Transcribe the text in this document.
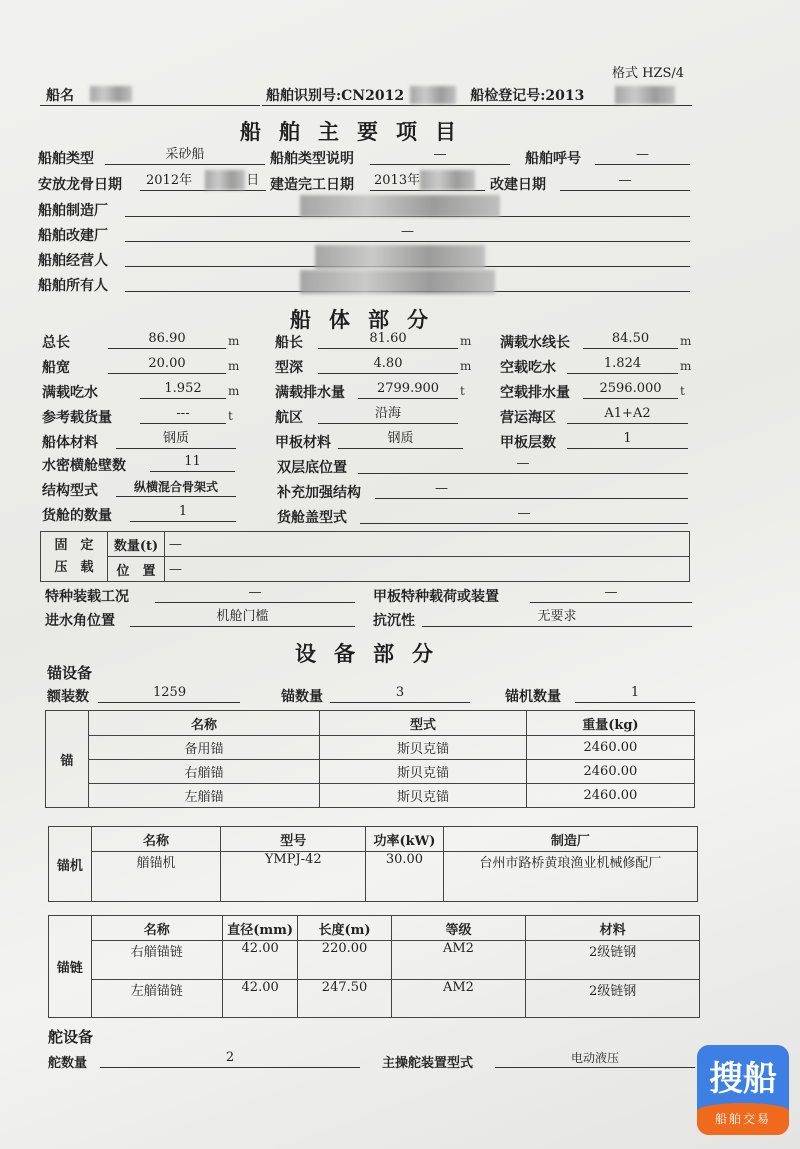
格式 HZS/4
船名	船舶识别号:CN2012	船检登记号:2013
船舶主要项目
船舶类型	采砂船	船舶类型说明	—	船舶呼号	—
安放龙骨日期	2012年	日 建造完工日期	2013年	改建日期	—
船舶制造厂
船舶改建厂	—
船舶经营人
船舶所有人
船体部分
总长	86.90	m	船长	81.60	m 满载水线长	84.50	m
船宽	20.00	m	型深	4.80	m 空载吃水	1.824	m
满载吃水	1.952	m	满载排水量	2799.900	t	空载排水量	2596.000	t
参考载货量	---	t	航区	沿海	营运海区	A1+A2
船体材料	钢质	甲板材料	钢质	甲板层数	1
水密横舱壁数	11	双层底位置	—
结构型式	纵横混合骨架式	补充加强结构	—
货舱的数量	1	货舱盖型式	—
固　定
压　载	数量(t)	—
	位　置	—
特种装载工况	—	甲板特种载荷或装置	—
进水角位置	机舱门槛	抗沉性	无要求
设备部分
锚设备
额装数	1259	锚数量	3	锚机数量	1
锚	名称	型式	重量(kg)
	备用锚	斯贝克锚	2460.00
	右艏锚	斯贝克锚	2460.00
	左艏锚	斯贝克锚	2460.00
锚机	名称	型号	功率(kW)	制造厂
	艏锚机	YMPJ-42	30.00	台州市路桥黄琅渔业机械修配厂
锚链	名称	直径(mm)	长度(m)	等级	材料
	右艏锚链	42.00	220.00	AM2	2级链钢
	左艏锚链	42.00	247.50	AM2	2级链钢
舵设备
舵数量	2	主操舵装置型式	电动液压
搜船
船舶交易
